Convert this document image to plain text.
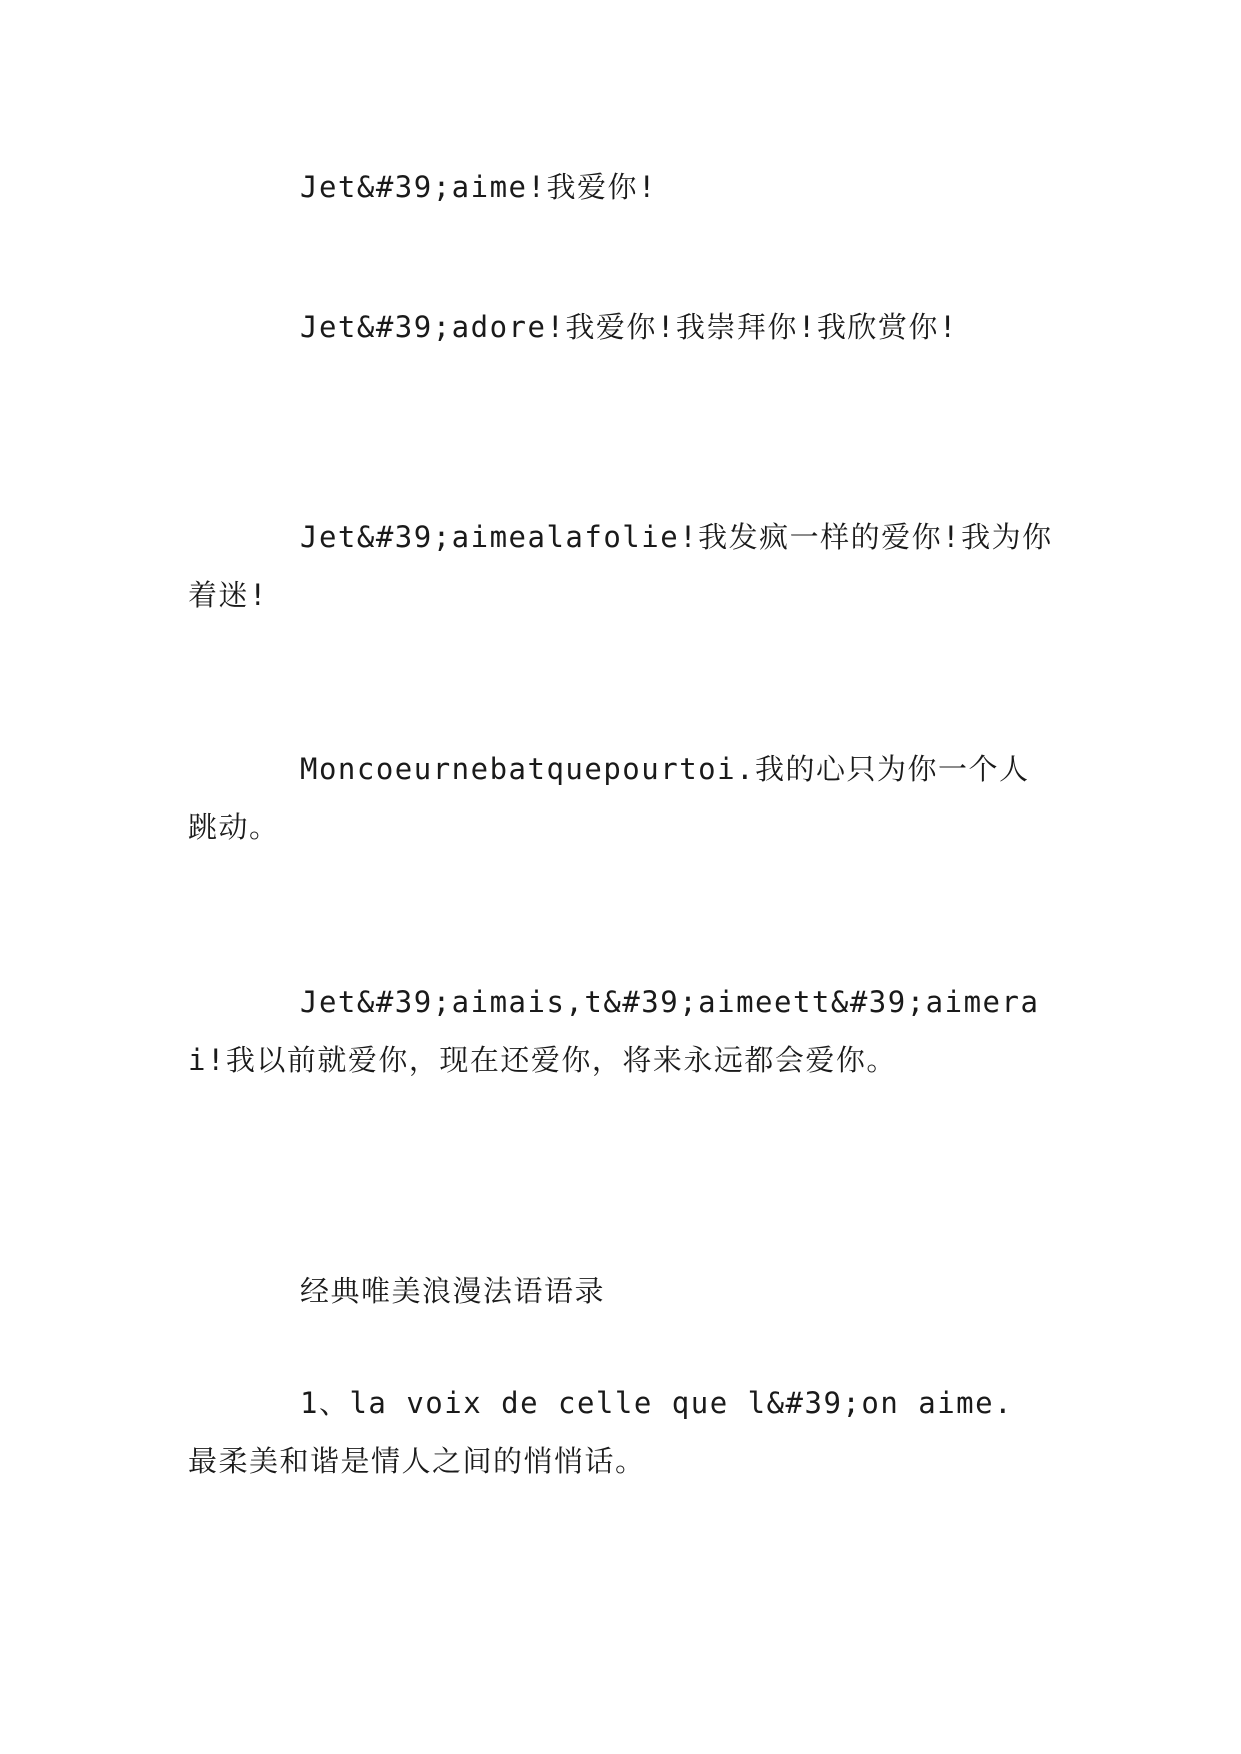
Jet&#39;aime!我爱你!

Jet&#39;adore!我爱你!我崇拜你!我欣赏你!

Jet&#39;aimealafolie!我发疯一样的爱你!我为你着迷!

Moncoeurnebatquepourtoi.我的心只为你一个人跳动。

Jet&#39;aimais,t&#39;aimeett&#39;aimerai!我以前就爱你，现在还爱你，将来永远都会爱你。

经典唯美浪漫法语语录

1、la voix de celle que l&#39;on aime. 最柔美和谐是情人之间的悄悄话。
